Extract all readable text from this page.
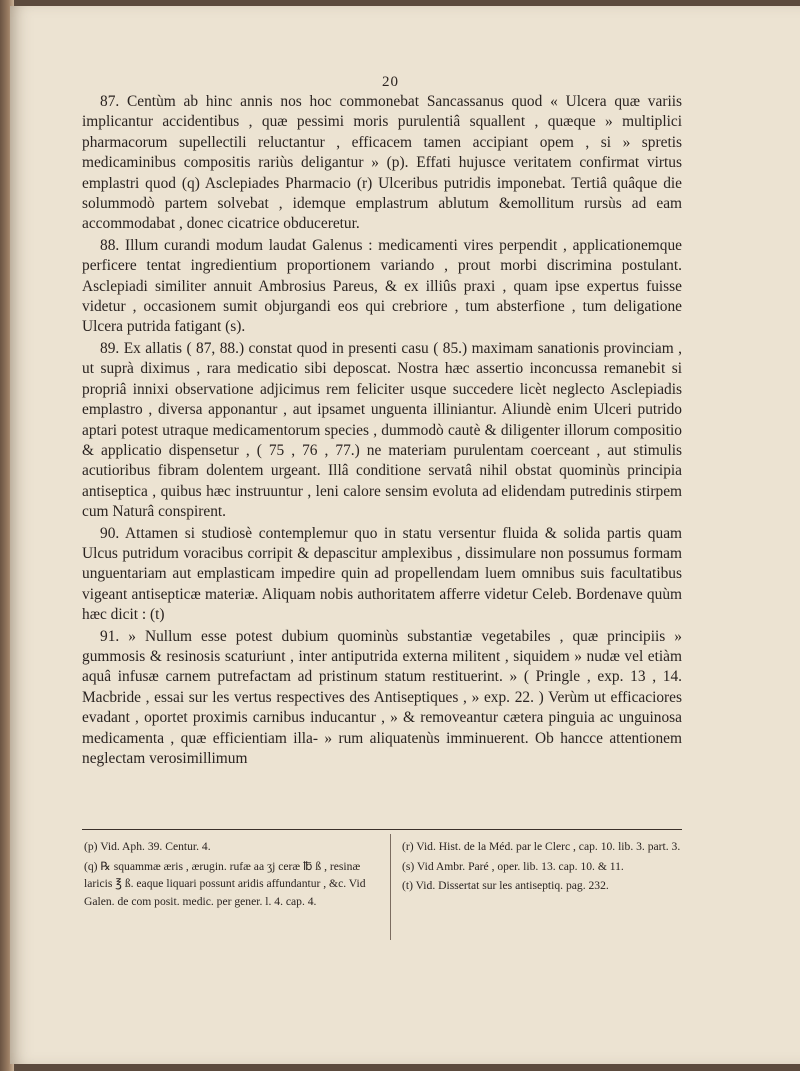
20

87. Centùm ab hinc annis nos hoc commonebat Sancassanus quod « Ulcera quæ variis implicantur accidentibus , quæ pessimi moris purulentiâ squallent , quæque » multiplici pharmacorum supellectili reluctantur , efficacem tamen accipiant opem , si » spretis medicaminibus compositis rariùs deligantur » (p). Effati hujusce veritatem confirmat virtus emplastri quod (q) Asclepiades Pharmacio (r) Ulceribus putridis imponebat. Tertiâ quâque die solummodò partem solvebat , idemque emplastrum ablutum &emollitum rursùs ad eam accommodabat , donec cicatrice obduceretur.

88. Illum curandi modum laudat Galenus : medicamenti vires perpendit , applicationemque perficere tentat ingredientium proportionem variando , prout morbi discrimina postulant. Asclepiadi similiter annuit Ambrosius Pareus, & ex illiûs praxi , quam ipse expertus fuisse videtur , occasionem sumit objurgandi eos qui crebriore , tum absterfione , tum deligatione Ulcera putrida fatigant (s).

89. Ex allatis ( 87, 88.) constat quod in presenti casu ( 85.) maximam sanationis provinciam , ut suprà diximus , rara medicatio sibi deposcat. Nostra hæc assertio inconcussa remanebit si propriâ innixi observatione adjicimus rem feliciter usque succedere licèt neglecto Asclepiadis emplastro , diversa apponantur , aut ipsamet unguenta illiniantur. Aliundè enim Ulceri putrido aptari potest utraque medicamentorum species , dummodò cautè & diligenter illorum compositio & applicatio dispensetur , ( 75 , 76 , 77.) ne materiam purulentam coerceant , aut stimulis acutioribus fibram dolentem urgeant. Illâ conditione servatâ nihil obstat quominùs principia antiseptica , quibus hæc instruuntur , leni calore sensim evoluta ad elidendam putredinis stirpem cum Naturâ conspirent.

90. Attamen si studiosè contemplemur quo in statu versentur fluida & solida partis quam Ulcus putridum voracibus corripit & depascitur amplexibus , dissimulare non possumus formam unguentariam aut emplasticam impedire quin ad propellendam luem omnibus suis facultatibus vigeant antisepticæ materiæ. Aliquam nobis authoritatem afferre videtur Celeb. Bordenave quùm hæc dicit : (t)

91. » Nullum esse potest dubium quominùs substantiæ vegetabiles , quæ principiis » gummosis & resinosis scaturiunt , inter antiputrida externa militent , siquidem » nudæ vel etiàm aquâ infusæ carnem putrefactam ad pristinum statum restituerint. » ( Pringle , exp. 13 , 14. Macbride , essai sur les vertus respectives des Antiseptiques , » exp. 22. ) Verùm ut efficaciores evadant , oportet proximis carnibus inducantur , » & removeantur cætera pinguia ac unguinosa medicamenta , quæ efficientiam illa- » rum aliquatenùs imminuerent. Ob hancce attentionem neglectam verosimillimum

(p) Vid. Aph. 39. Centur. 4.

(q) ℞ squammæ æris , ærugin. rufæ aa ʒj ceræ ℔ ß , resinæ laricis ℥ ß. eaque liquari possunt aridis affundantur , &c. Vid Galen. de com posit. medic. per gener. l. 4. cap. 4.

(r) Vid. Hist. de la Méd. par le Clerc , cap. 10. lib. 3. part. 3.

(s) Vid Ambr. Paré , oper. lib. 13. cap. 10. & 11.

(t) Vid. Dissertat sur les antiseptiq. pag. 232.
